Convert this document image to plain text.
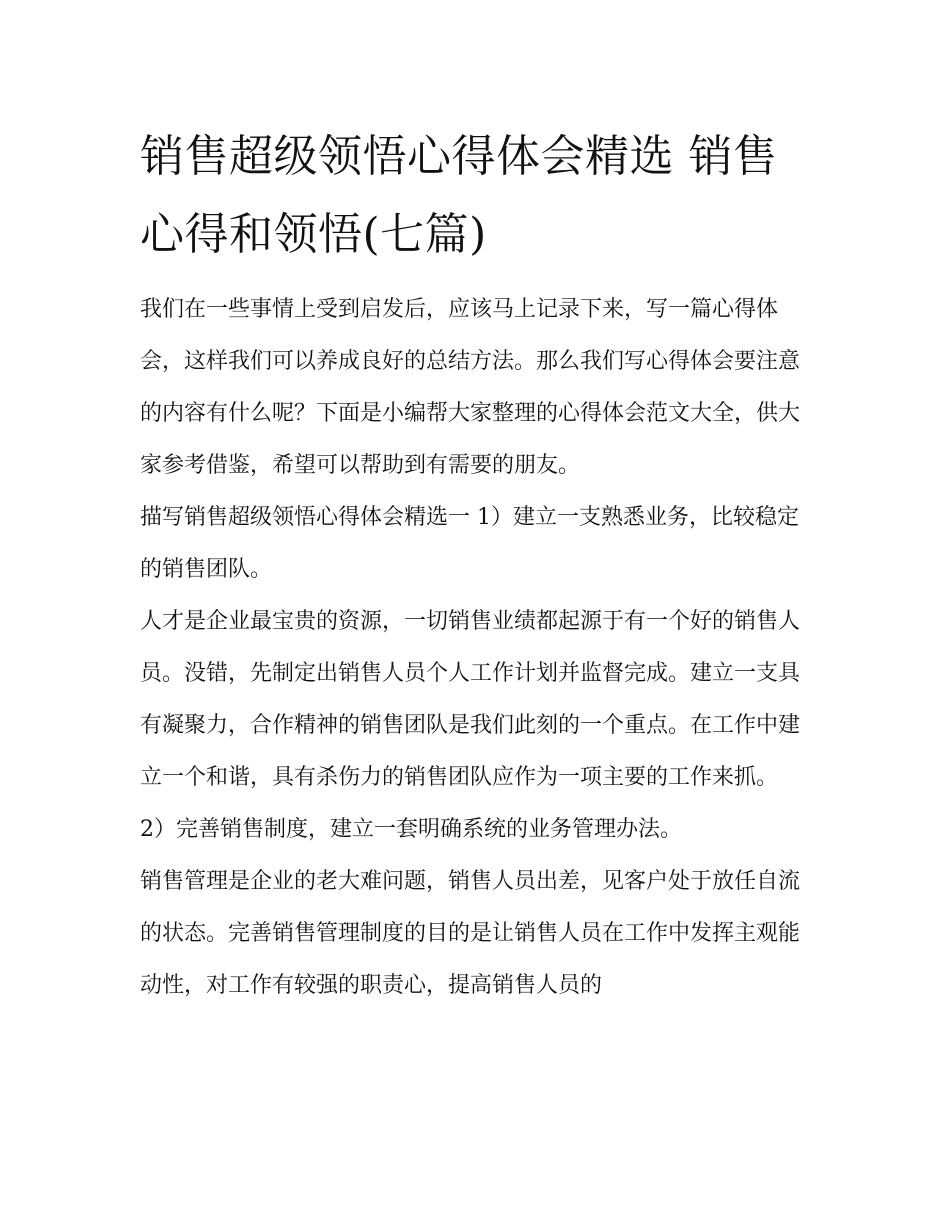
销售超级领悟心得体会精选 销售心得和领悟(七篇)

我们在一些事情上受到启发后，应该马上记录下来，写一篇心得体会，这样我们可以养成良好的总结方法。那么我们写心得体会要注意的内容有什么呢？下面是小编帮大家整理的心得体会范文大全，供大家参考借鉴，希望可以帮助到有需要的朋友。

描写销售超级领悟心得体会精选一 1）建立一支熟悉业务，比较稳定的销售团队。

人才是企业最宝贵的资源，一切销售业绩都起源于有一个好的销售人员。没错，先制定出销售人员个人工作计划并监督完成。建立一支具有凝聚力，合作精神的销售团队是我们此刻的一个重点。在工作中建立一个和谐，具有杀伤力的销售团队应作为一项主要的工作来抓。

2）完善销售制度，建立一套明确系统的业务管理办法。

销售管理是企业的老大难问题，销售人员出差，见客户处于放任自流的状态。完善销售管理制度的目的是让销售人员在工作中发挥主观能动性，对工作有较强的职责心，提高销售人员的
